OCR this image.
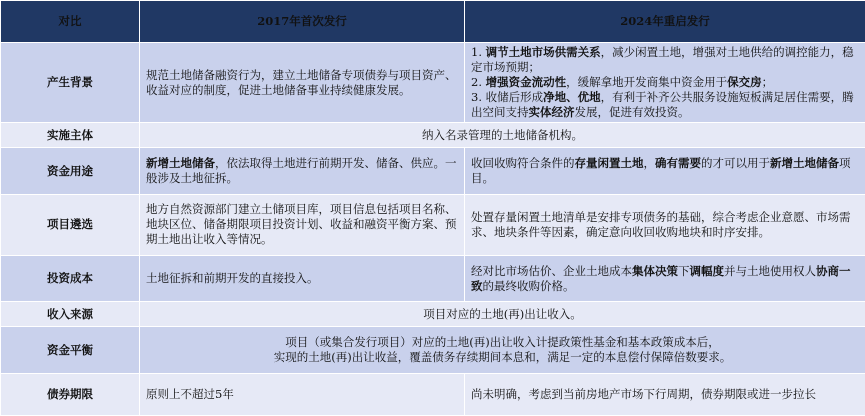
对比	2017年首次发行	2024年重启发行
产生背景	规范土地储备融资行为，建立土地储备专项债券与项目资产、收益对应的制度，促进土地储备事业持续健康发展。	1. 调节土地市场供需关系，减少闲置土地，增强对土地供给的调控能力，稳定市场预期；
2. 增强资金流动性，缓解拿地开发商集中资金用于保交房；
3. 收储后形成净地、优地，有利于补齐公共服务设施短板满足居住需要，腾出空间支持实体经济发展，促进有效投资。
实施主体	纳入名录管理的土地储备机构。	
资金用途	新增土地储备，依法取得土地进行前期开发、储备、供应。一般涉及土地征拆。	收回收购符合条件的存量闲置土地，确有需要的才可以用于新增土地储备项目。
项目遴选	地方自然资源部门建立土储项目库，项目信息包括项目名称、地块区位、储备期限项目投资计划、收益和融资平衡方案、预期土地出让收入等情况。	处置存量闲置土地清单是安排专项债务的基础，综合考虑企业意愿、市场需求、地块条件等因素，确定意向收回收购地块和时序安排。
投资成本	土地征拆和前期开发的直接投入。	经对比市场估价、企业土地成本集体决策下调幅度并与土地使用权人协商一致的最终收购价格。
收入来源	项目对应的土地(再)出让收入。	
资金平衡	项目（或集合发行项目）对应的土地(再)出让收入计提政策性基金和基本政策成本后，
实现的土地(再)出让收益，覆盖债务存续期间本息和，满足一定的本息偿付保障倍数要求。	
债券期限	原则上不超过5年	尚未明确，考虑到当前房地产市场下行周期，债券期限或进一步拉长
